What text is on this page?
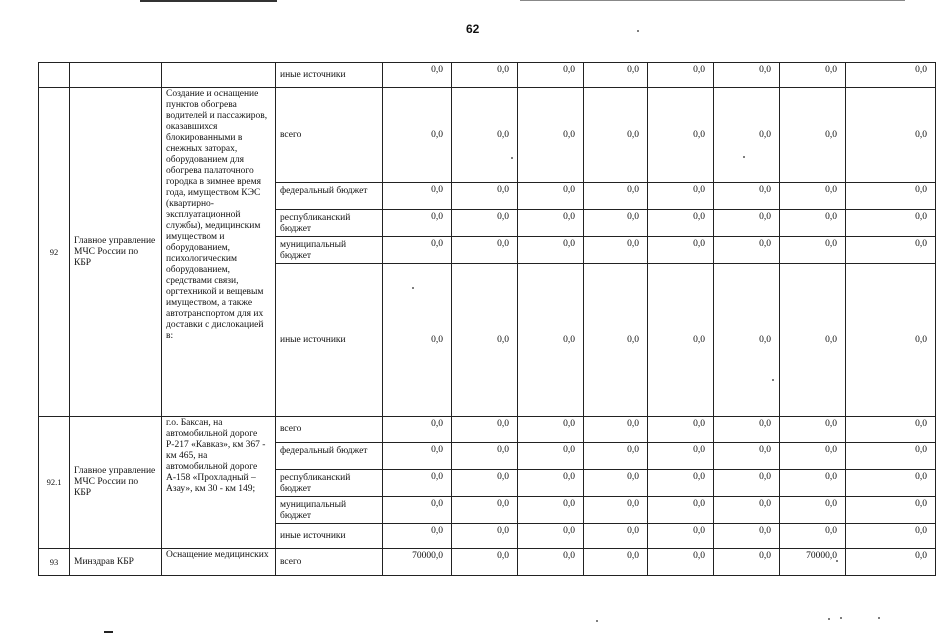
62
			иные источники	0,0	0,0	0,0	0,0	0,0	0,0	0,0	0,0
92	Главное управление МЧС России по КБР	Создание и оснащение пунктов обогрева водителей и пассажиров, оказавшихся блокированными в снежных заторах, оборудованием для обогрева палаточного городка в зимнее время года, имуществом КЭС (квартирно-эксплуатационной службы), медицинским имуществом и оборудованием, психологическим оборудованием, средствами связи, оргтехникой и вещевым имуществом, а также автотранспортом для их доставки с дислокацией в:	всего	0,0	0,0	0,0	0,0	0,0	0,0	0,0	0,0
			федеральный бюджет	0,0	0,0	0,0	0,0	0,0	0,0	0,0	0,0
			республиканский бюджет	0,0	0,0	0,0	0,0	0,0	0,0	0,0	0,0
			муниципальный бюджет	0,0	0,0	0,0	0,0	0,0	0,0	0,0	0,0
			иные источники	0,0	0,0	0,0	0,0	0,0	0,0	0,0	0,0
92.1	Главное управление МЧС России по КБР	г.о. Баксан, на автомобильной дороге Р-217 «Кавказ», км 367 - км 465, на автомобильной дороге А-158 «Прохладный – Азау», км 30 - км 149;	всего	0,0	0,0	0,0	0,0	0,0	0,0	0,0	0,0
			федеральный бюджет	0,0	0,0	0,0	0,0	0,0	0,0	0,0	0,0
			республиканский бюджет	0,0	0,0	0,0	0,0	0,0	0,0	0,0	0,0
			муниципальный бюджет	0,0	0,0	0,0	0,0	0,0	0,0	0,0	0,0
			иные источники	0,0	0,0	0,0	0,0	0,0	0,0	0,0	0,0
93	Минздрав КБР	Оснащение медицинских	всего	70000,0	0,0	0,0	0,0	0,0	0,0	70000,0	0,0
